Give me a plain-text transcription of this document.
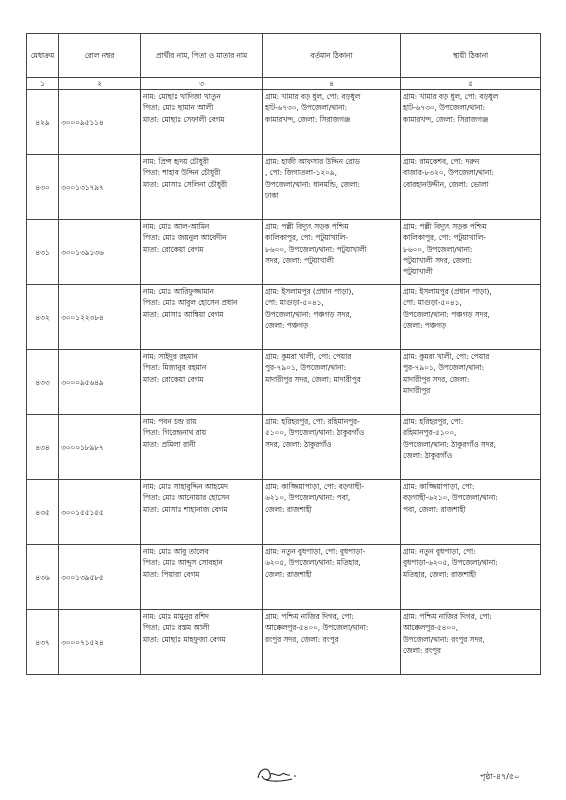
মেধাক্রম	রোল নম্বর	প্রার্থীর নাম, পিতা ও মাতার নাম	বর্তমান ঠিকানা	স্থায়ী ঠিকানা
১	২	৩	৪	৫
৪২৯	৩০০০৯৫১১৪	নাম: মোছাঃ খাদিজা খাতুন
পিতা: মোঃ ছামান আলী
মাতা: মোছাঃ সেফালী বেগম	গ্রাম: খামার বড় ধুল, পো: বড়ধুল
হাট-৬৭৩০, উপজেলা/থানা:
কামারখন্দ, জেলা: সিরাজগঞ্জ	গ্রাম: খামার বড় ধুল, পো: বড়ধুল
হাট-৬৭৩০, উপজেলা/থানা:
কামারখন্দ, জেলা: সিরাজগঞ্জ

৪৩০	৩০০১৩১৭৯৭	নাম: প্রিন্স হৃদয় চৌধুরী
পিতা: শাহাব উদ্দিন চৌধুরী
মাতা: মোসাঃ সেলিনা চৌধুরী	গ্রাম: হাজী আফসার উদ্দিন রোড
, পো: জিগাতলা-১২০৯,
উপজেলা/থানা: ধানমন্ডি, জেলা:
ঢাকা	গ্রাম: রামকেশব, পো: দরুন
বাজার-৮৩২০, উপজেলা/থানা:
বোরহানউদ্দীন, জেলা: ভোলা

৪৩১	৩০০১৩৯১৩৬	নাম: মোঃ আল-আমিন
পিতা: মোঃ জয়নুল আবেদীন
মাতা: রোকেয়া বেগম	গ্রাম: পল্লী বিদ্যুৎ সড়ক পশ্চিম
কালিকাপুর, পো: পটুয়াখালি-
৮৬০০, উপজেলা/থানা: পটুয়াখালী
সদর, জেলা: পটুয়াখালী	গ্রাম: পল্লী বিদ্যুৎ সড়ক পশ্চিম
কালিকাপুর, পো: পটুয়াখালি-
৮৬০০, উপজেলা/থানা:
পটুয়াখালী সদর, জেলা:
পটুয়াখালী

৪৩২	৩০০১২২৩৮৪	নাম: মোঃ আরিফুজ্জামান
পিতা: মোঃ আবুল হোসেন প্রধান
মাতা: মোসাঃ আম্বিয়া বেগম	গ্রাম: ইসলামপুর (প্রধান পাড়া),
পো: মাগুড়া-৫০৪১,
উপজেলা/থানা: পঞ্চগড় সদর,
জেলা: পঞ্চগড়	গ্রাম: ইসলামপুর (প্রধান পাড়া),
পো: মাগুড়া-৫০৪১,
উপজেলা/থানা: পঞ্চগড় সদর,
জেলা: পঞ্চগড়

৪৩৩	৩০০০৯৫৬৪৯	নাম: সাইদুর রহমান
পিতা: মিজানুর রহমান
মাতা: রোকেয়া বেগম	গ্রাম: কুমরা খালী, পো: পেয়ার
পুর-৭৯০১, উপজেলা/থানা:
মাদারীপুর সদর, জেলা: মাদারীপুর	গ্রাম: কুমরা খালী, পো: পেয়ার
পুর-৭৯০১, উপজেলা/থানা:
মাদারীপুর সদর, জেলা:
মাদারীপুর

৪৩৪	৩০০০১৮৯৮৭	নাম: পবন চন্দ্র রায়
পিতা: গিরেন্দ্রনাথ রায়
মাতা: প্রমিলা রানী	গ্রাম: হরিহরপুর, পো: রহিমানপুর-
৫১০০, উপজেলা/থানা: ঠাকুরগাঁও
সদর, জেলা: ঠাকুরগাঁও	গ্রাম: হরিহরপুর, পো:
রহিমানপুর-৫১০০,
উপজেলা/থানা: ঠাকুরগাঁও সদর,
জেলা: ঠাকুরগাঁও

৪৩৫	৩০০১৫৫১৫৫	নাম: মোঃ সাহাবুদ্দিন আহমেদ
পিতা: মোঃ আনোয়ার হোসেন
মাতা: মোসাঃ শাহানাজ বেগম	গ্রাম: কাজ্জিয়াপাড়া, পো: বড়গাছী-
৬২১০, উপজেলা/থানা: পবা,
জেলা: রাজশাহী	গ্রাম: কাজ্জিয়াপাড়া, পো:
বড়গাছী-৬২১০, উপজেলা/থানা:
পবা, জেলা: রাজশাহী

৪৩৬	৩০০১৩৯৫৮৫	নাম: মোঃ আবু তালেব
পিতা: মোঃ আব্দুস সোবহান
মাতা: পিয়ারা বেগম	গ্রাম: নতুন বুধপাড়া, পো: বুধপাড়া-
৬২০৫, উপজেলা/থানা: মতিহার,
জেলা: রাজশাহী	গ্রাম: নতুন বুধপাড়া, পো:
বুধপাড়া-৬২০৫, উপজেলা/থানা:
মতিহার, জেলা: রাজশাহী

৪৩৭	৩০০০৭১৫২৪	নাম: মোঃ মামুনুর রশিদ
পিতা: মোঃ রস্তম আলী
মাতা: মোছাঃ মাহফুজা বেগম	গ্রাম: পশ্চিম নাজির দিগর, পো:
আক্কেলপুর-৫৪০০, উপজেলা/থানা:
রংপুর সদর, জেলা: রংপুর	গ্রাম: পশ্চিম নাজির দিগর, পো:
আক্কেলপুর-৫৪০০,
উপজেলা/থানা: রংপুর সদর,
জেলা: রংপুর
পৃষ্ঠা-৪৭/৫০
